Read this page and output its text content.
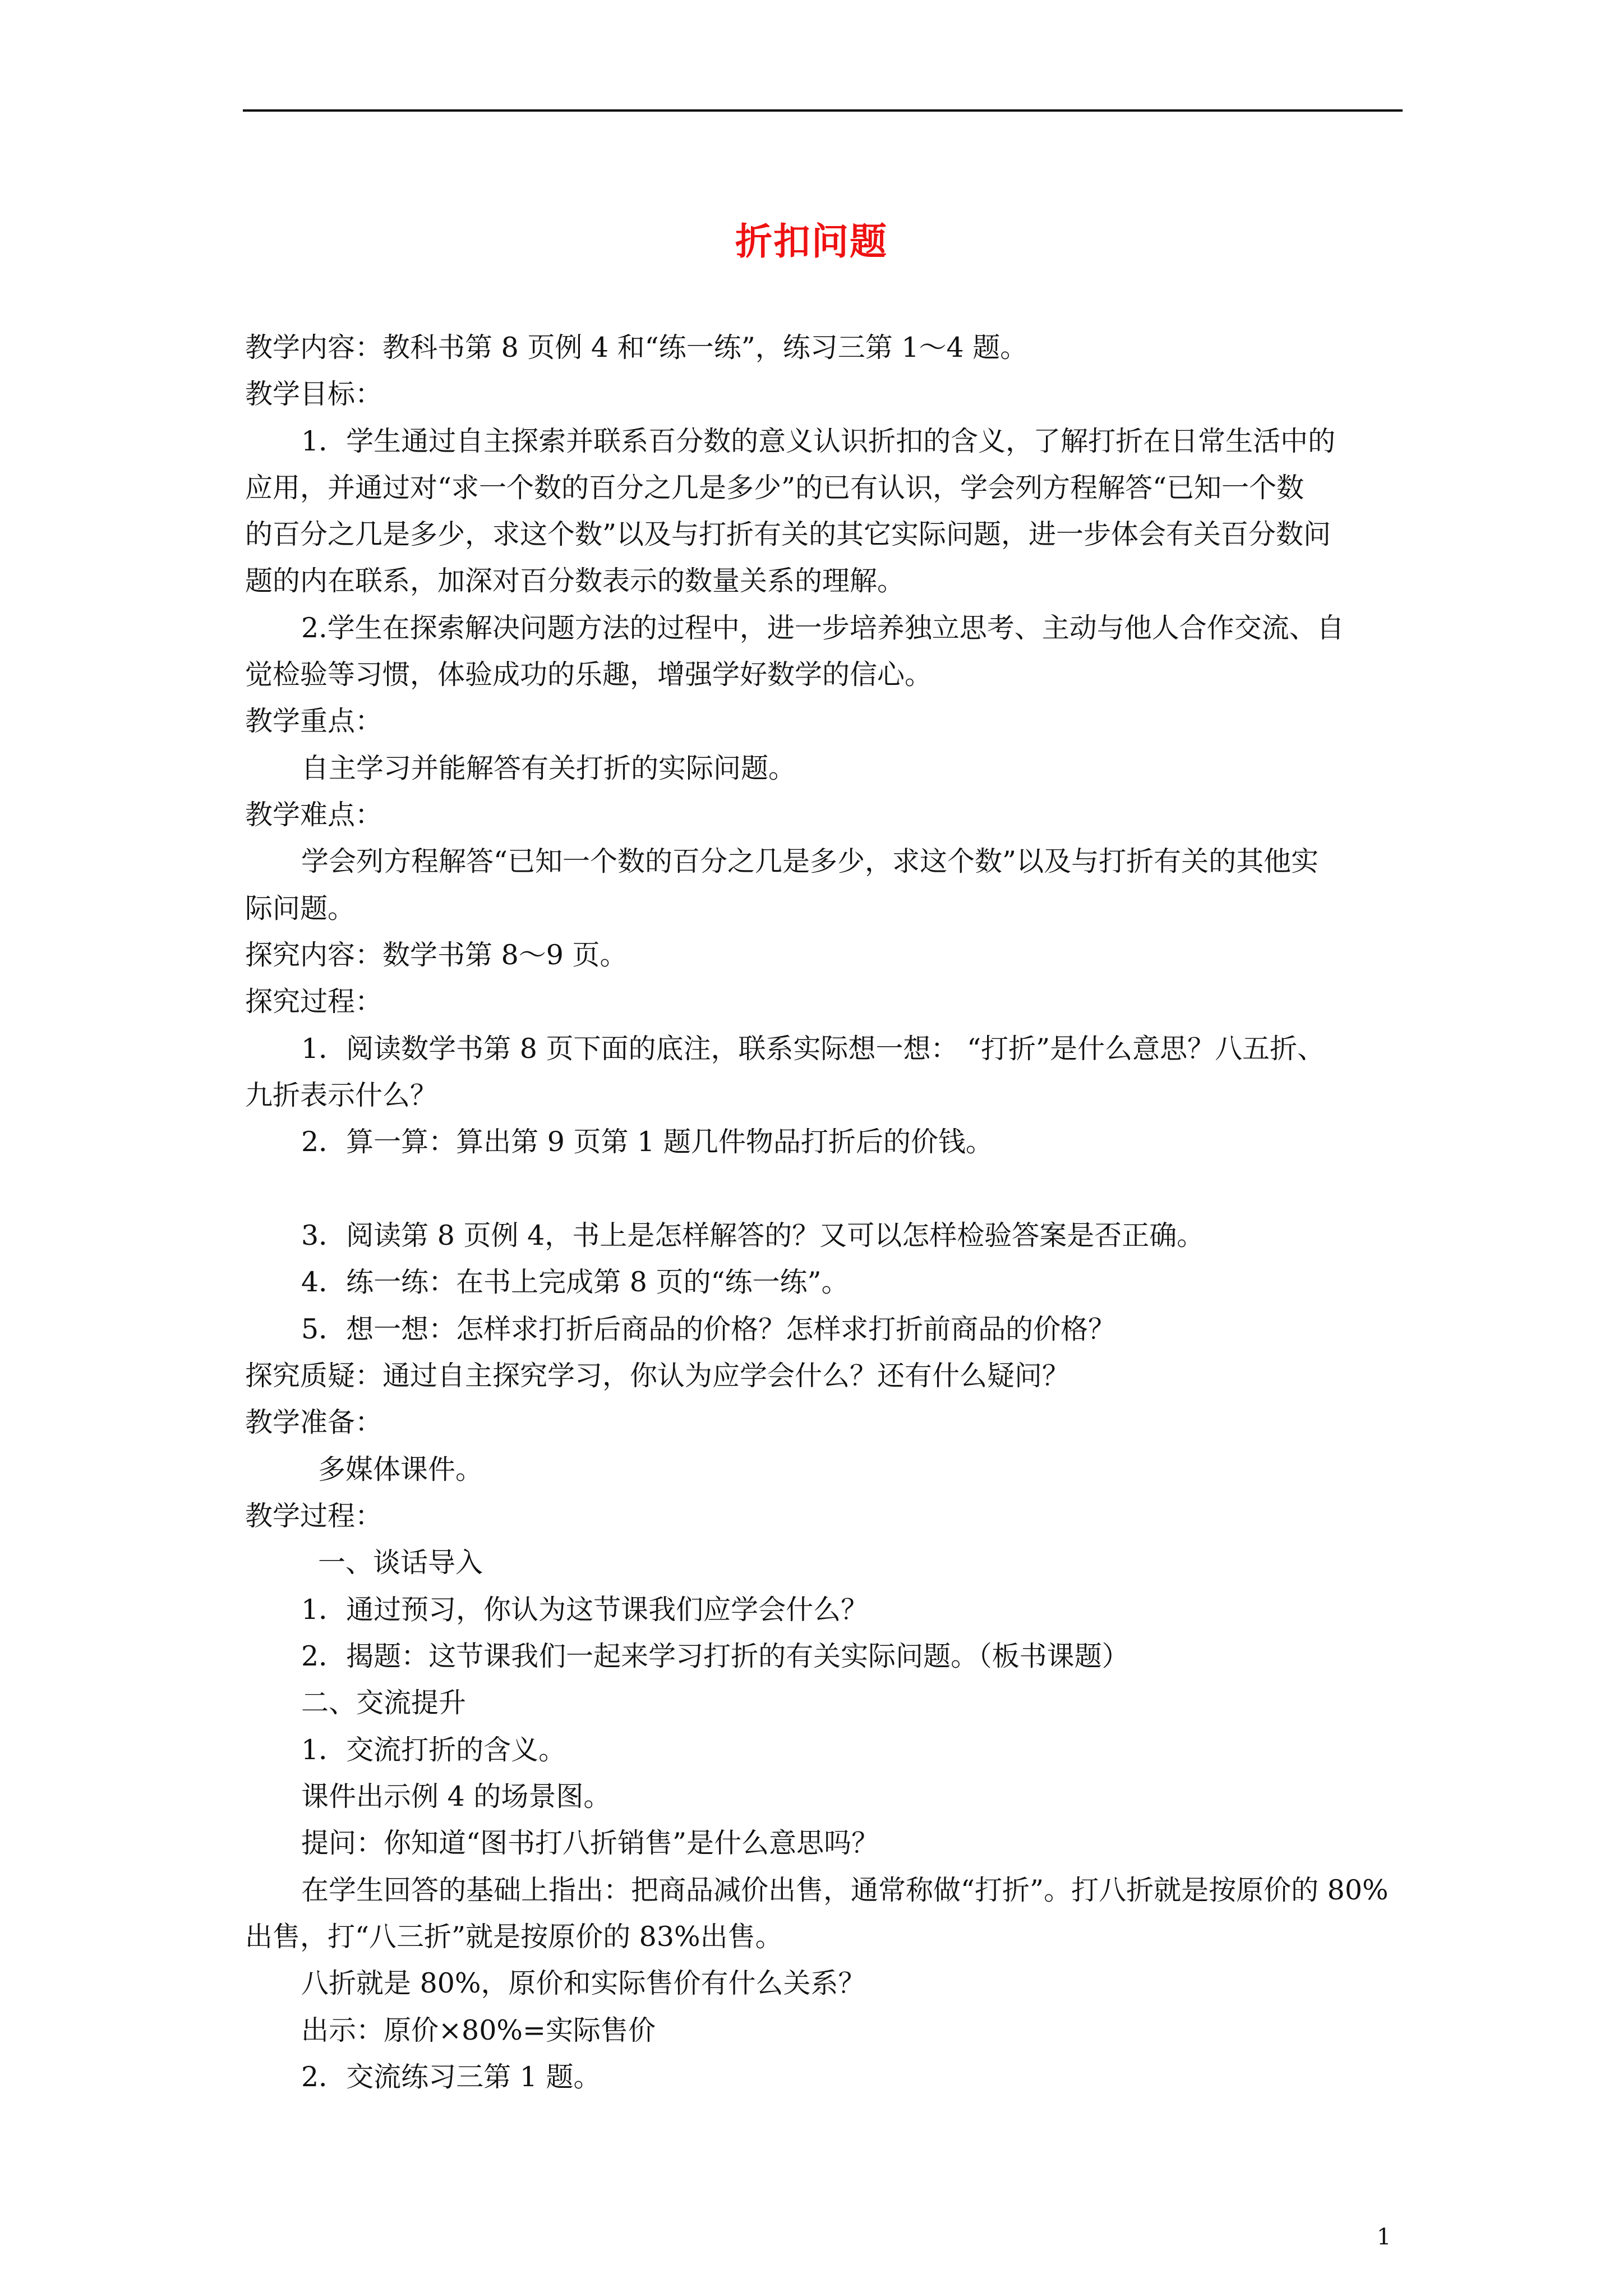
折扣问题
教学内容：教科书第 8 页例 4 和“练一练”，练习三第 1～4 题。
教学目标：
1．学生通过自主探索并联系百分数的意义认识折扣的含义，了解打折在日常生活中的
应用，并通过对“求一个数的百分之几是多少”的已有认识，学会列方程解答“已知一个数
的百分之几是多少，求这个数”以及与打折有关的其它实际问题，进一步体会有关百分数问
题的内在联系，加深对百分数表示的数量关系的理解。
2.学生在探索解决问题方法的过程中，进一步培养独立思考、主动与他人合作交流、自
觉检验等习惯，体验成功的乐趣，增强学好数学的信心。
教学重点：
自主学习并能解答有关打折的实际问题。
教学难点：
学会列方程解答“已知一个数的百分之几是多少，求这个数”以及与打折有关的其他实
际问题。
探究内容：数学书第 8～9 页。
探究过程：
1．阅读数学书第 8 页下面的底注，联系实际想一想： “打折”是什么意思？八五折、
九折表示什么？
2．算一算：算出第 9 页第 1 题几件物品打折后的价钱。
3．阅读第 8 页例 4，书上是怎样解答的？又可以怎样检验答案是否正确。
4．练一练：在书上完成第 8 页的“练一练”。
5．想一想：怎样求打折后商品的价格？怎样求打折前商品的价格？
探究质疑：通过自主探究学习，你认为应学会什么？还有什么疑问？
教学准备：
多媒体课件。
教学过程：
一、谈话导入
1．通过预习，你认为这节课我们应学会什么？
2．揭题：这节课我们一起来学习打折的有关实际问题。（板书课题）
二、交流提升
1．交流打折的含义。
课件出示例 4 的场景图。
提问：你知道“图书打八折销售”是什么意思吗？
在学生回答的基础上指出：把商品减价出售，通常称做“打折”。打八折就是按原价的 80%
出售，打“八三折”就是按原价的 83%出售。
八折就是 80%，原价和实际售价有什么关系？
出示：原价×80%=实际售价
2．交流练习三第 1 题。
1
